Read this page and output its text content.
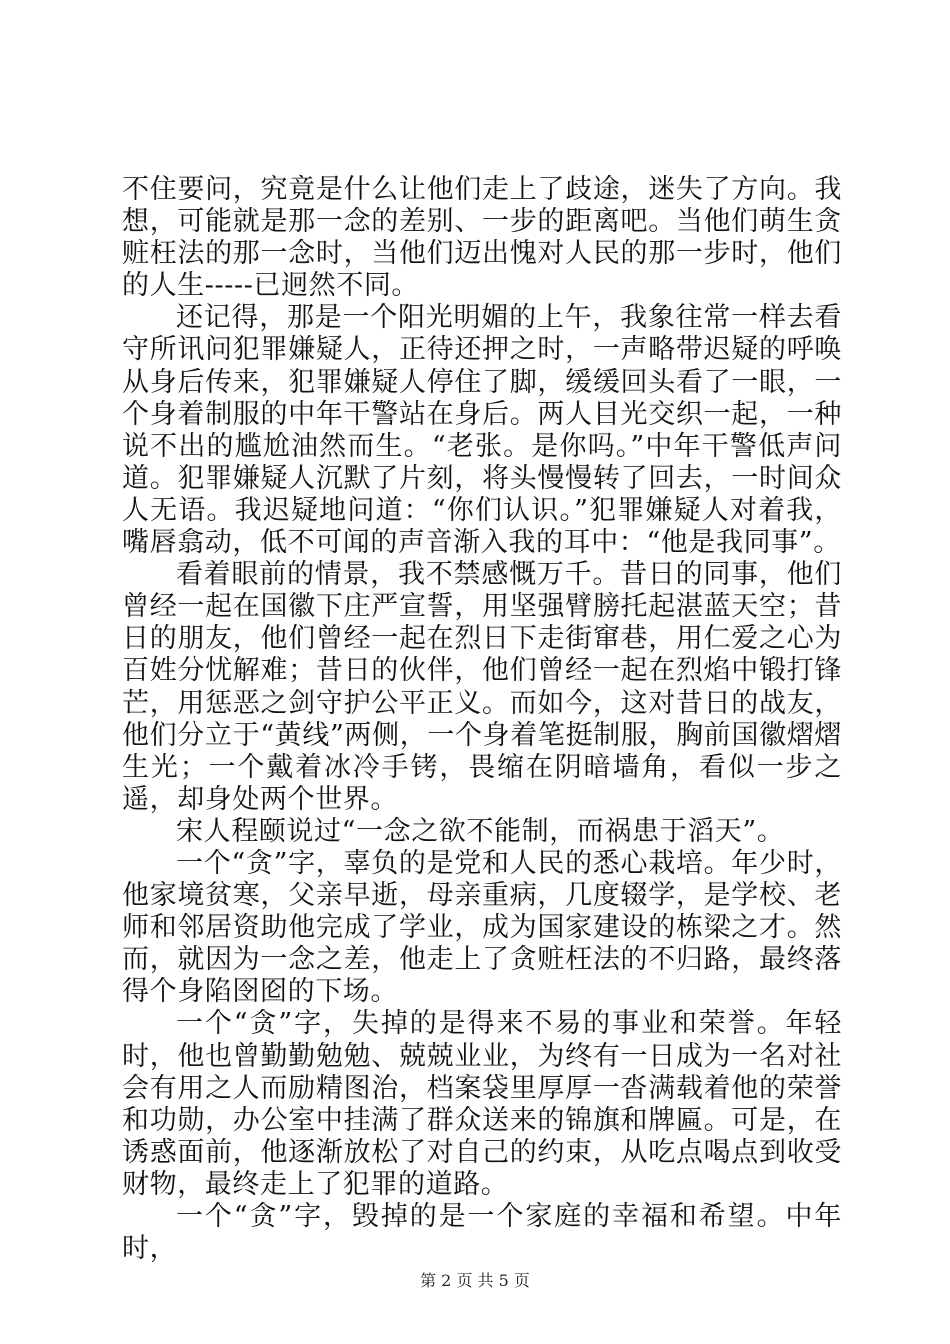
不住要问，究竟是什么让他们走上了歧途，迷失了方向。我想，可能就是那一念的差别、一步的距离吧。当他们萌生贪赃枉法的那一念时，当他们迈出愧对人民的那一步时，他们的人生-----已迥然不同。

还记得，那是一个阳光明媚的上午，我象往常一样去看守所讯问犯罪嫌疑人，正待还押之时，一声略带迟疑的呼唤从身后传来，犯罪嫌疑人停住了脚，缓缓回头看了一眼，一个身着制服的中年干警站在身后。两人目光交织一起，一种说不出的尴尬油然而生。“老张。是你吗。”中年干警低声问道。犯罪嫌疑人沉默了片刻，将头慢慢转了回去，一时间众人无语。我迟疑地问道：“你们认识。”犯罪嫌疑人对着我，嘴唇翕动，低不可闻的声音渐入我的耳中：“他是我同事”。

看着眼前的情景，我不禁感慨万千。昔日的同事，他们曾经一起在国徽下庄严宣誓，用坚强臂膀托起湛蓝天空；昔日的朋友，他们曾经一起在烈日下走街窜巷，用仁爱之心为百姓分忧解难；昔日的伙伴，他们曾经一起在烈焰中锻打锋芒，用惩恶之剑守护公平正义。而如今，这对昔日的战友，他们分立于“黄线”两侧，一个身着笔挺制服，胸前国徽熠熠生光；一个戴着冰冷手铐，畏缩在阴暗墙角，看似一步之遥，却身处两个世界。

宋人程颐说过“一念之欲不能制，而祸患于滔天”。

一个“贪”字，辜负的是党和人民的悉心栽培。年少时，他家境贫寒，父亲早逝，母亲重病，几度辍学，是学校、老师和邻居资助他完成了学业，成为国家建设的栋梁之才。然而，就因为一念之差，他走上了贪赃枉法的不归路，最终落得个身陷囹囵的下场。

一个“贪”字，失掉的是得来不易的事业和荣誉。年轻时，他也曾勤勤勉勉、兢兢业业，为终有一日成为一名对社会有用之人而励精图治，档案袋里厚厚一沓满载着他的荣誉和功勋，办公室中挂满了群众送来的锦旗和牌匾。可是，在诱惑面前，他逐渐放松了对自己的约束，从吃点喝点到收受财物，最终走上了犯罪的道路。

一个“贪”字，毁掉的是一个家庭的幸福和希望。中年时，

第 2 页 共 5 页
